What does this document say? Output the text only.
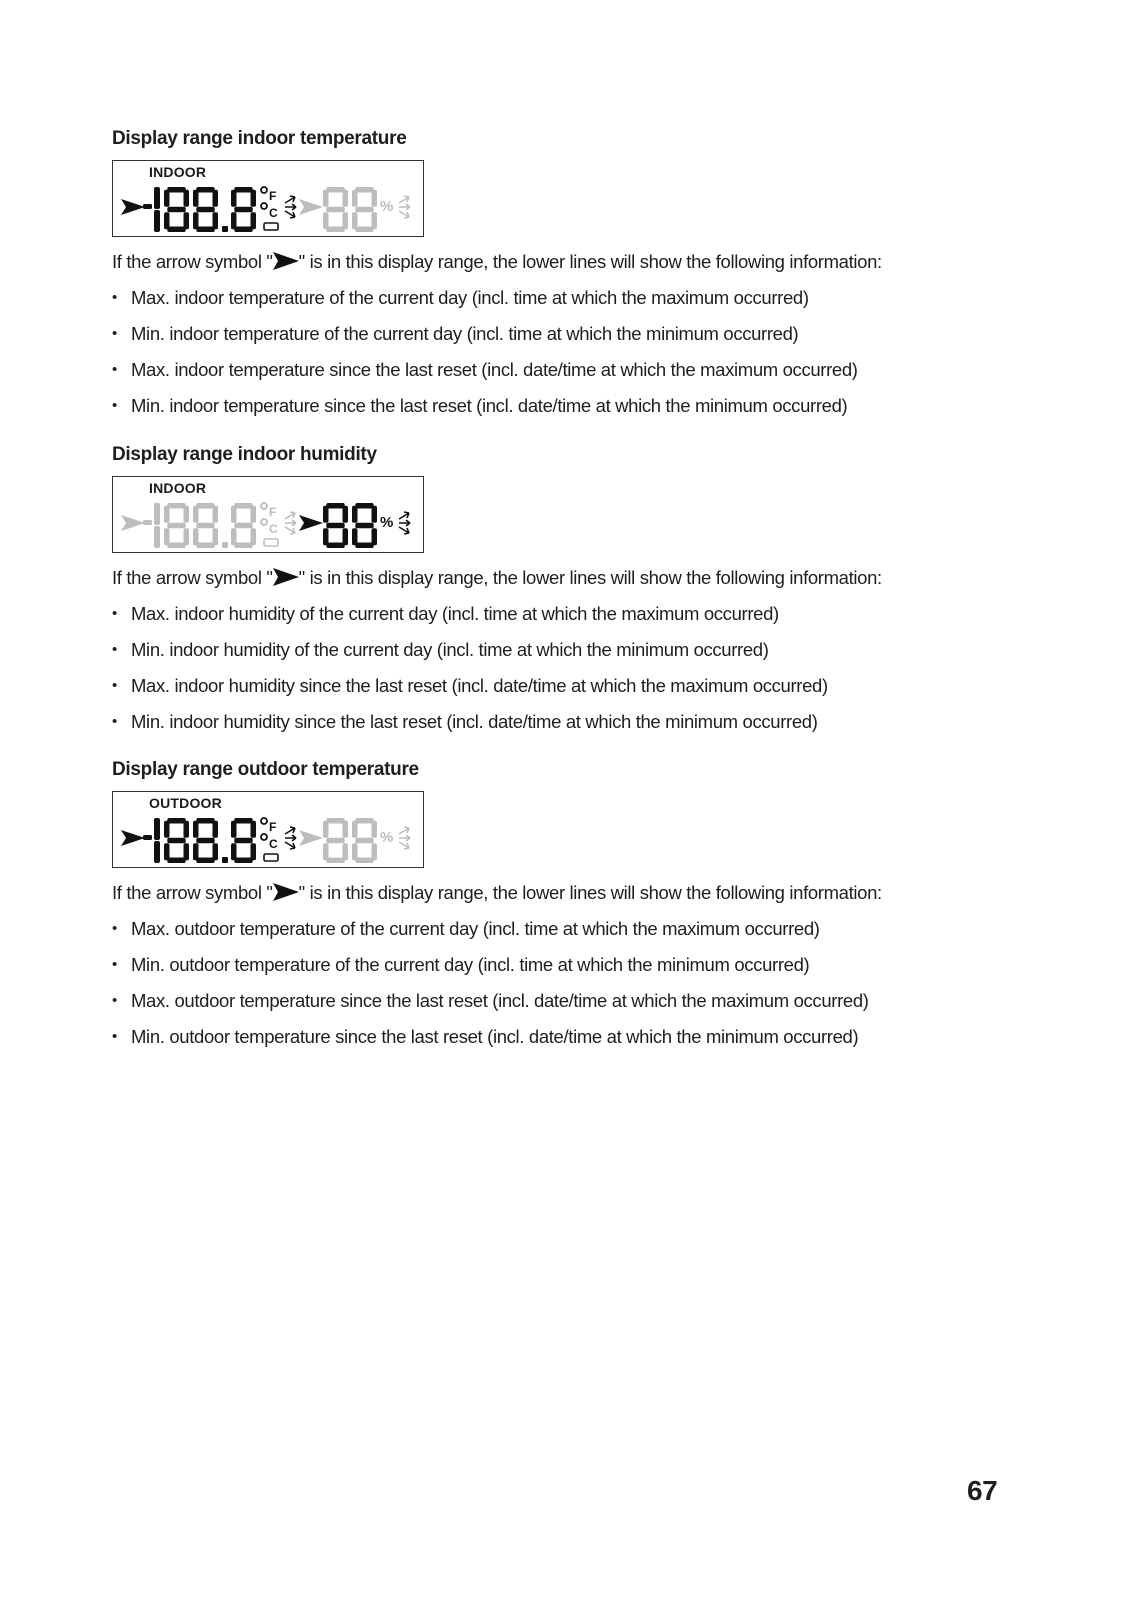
Display range indoor temperature
INDOOR
F
C	%

If the arrow symbol " " is in this display range, the lower lines will show the following information:

• Max. indoor temperature of the current day (incl. time at which the maximum occurred)
• Min. indoor temperature of the current day (incl. time at which the minimum occurred)
• Max. indoor temperature since the last reset (incl. date/time at which the maximum occurred)
• Min. indoor temperature since the last reset (incl. date/time at which the minimum occurred)
Display range indoor humidity
INDOOR
F
C	%

If the arrow symbol " " is in this display range, the lower lines will show the following information:

• Max. indoor humidity of the current day (incl. time at which the maximum occurred)
• Min. indoor humidity of the current day (incl. time at which the minimum occurred)
• Max. indoor humidity since the last reset (incl. date/time at which the maximum occurred)
• Min. indoor humidity since the last reset (incl. date/time at which the minimum occurred)
Display range outdoor temperature
OUTDOOR
F
C	%

If the arrow symbol " " is in this display range, the lower lines will show the following information:

• Max. outdoor temperature of the current day (incl. time at which the maximum occurred)
• Min. outdoor temperature of the current day (incl. time at which the minimum occurred)
• Max. outdoor temperature since the last reset (incl. date/time at which the maximum occurred)
• Min. outdoor temperature since the last reset (incl. date/time at which the minimum occurred)
67
